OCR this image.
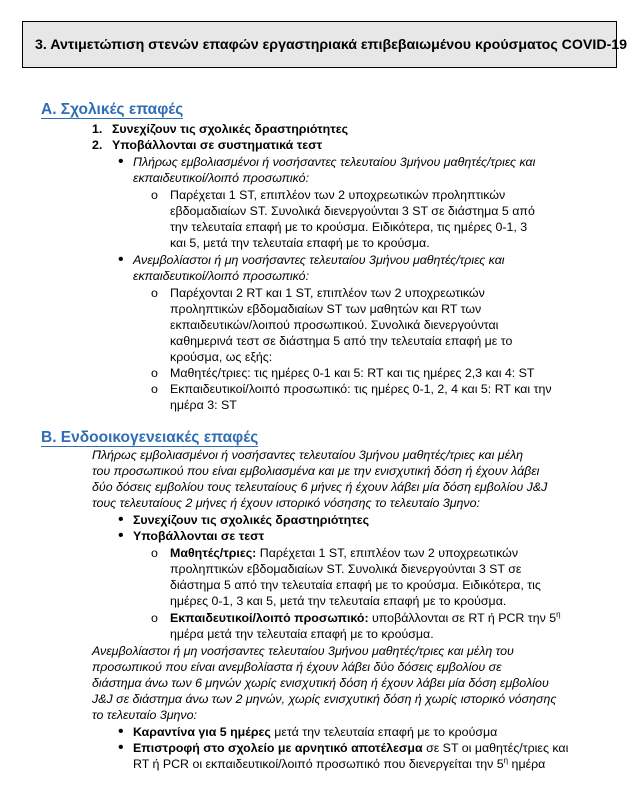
3. Αντιμετώπιση στενών επαφών εργαστηριακά επιβεβαιωμένου κρούσματος COVID-19
Α. Σχολικές επαφές
1. Συνεχίζουν τις σχολικές δραστηριότητες
2. Υποβάλλονται σε συστηματικά τεστ
• Πλήρως εμβολιασμένοι ή νοσήσαντες τελευταίου 3μήνου μαθητές/τριες και
εκπαιδευτικοί/λοιπό προσωπικό:
o Παρέχεται 1 ST, επιπλέον των 2 υποχρεωτικών προληπτικών
εβδομαδιαίων ST. Συνολικά διενεργούνται 3 ST σε διάστημα 5 από
την τελευταία επαφή με το κρούσμα. Ειδικότερα, τις ημέρες 0-1, 3
και 5, μετά την τελευταία επαφή με το κρούσμα.
• Ανεμβολίαστοι ή μη νοσήσαντες τελευταίου 3μήνου μαθητές/τριες και
εκπαιδευτικοί/λοιπό προσωπικό:
o Παρέχονται 2 RT και 1 ST, επιπλέον των 2 υποχρεωτικών
προληπτικών εβδομαδιαίων ST των μαθητών και RT των
εκπαιδευτικών/λοιπού προσωπικού. Συνολικά διενεργούνται
καθημερινά τεστ σε διάστημα 5 από την τελευταία επαφή με το
κρούσμα, ως εξής:
o Μαθητές/τριες: τις ημέρες 0-1 και 5: RT και τις ημέρες 2,3 και 4: ST
o Εκπαιδευτικοί/λοιπό προσωπικό: τις ημέρες 0-1, 2, 4 και 5: RT και την
ημέρα 3: ST
Β. Ενδοοικογενειακές επαφές
Πλήρως εμβολιασμένοι ή νοσήσαντες τελευταίου 3μήνου μαθητές/τριες και μέλη
του προσωπικού που είναι εμβολιασμένα και με την ενισχυτική δόση ή έχουν λάβει
δύο δόσεις εμβολίου τους τελευταίους 6 μήνες ή έχουν λάβει μία δόση εμβολίου J&J
τους τελευταίους 2 μήνες ή έχουν ιστορικό νόσησης το τελευταίο 3μηνο:
• Συνεχίζουν τις σχολικές δραστηριότητες
• Υποβάλλονται σε τεστ
o Μαθητές/τριες: Παρέχεται 1 ST, επιπλέον των 2 υποχρεωτικών
προληπτικών εβδομαδιαίων ST. Συνολικά διενεργούνται 3 ST σε
διάστημα 5 από την τελευταία επαφή με το κρούσμα. Ειδικότερα, τις
ημέρες 0-1, 3 και 5, μετά την τελευταία επαφή με το κρούσμα.
o Εκπαιδευτικοί/λοιπό προσωπικό: υποβάλλονται σε RT ή PCR την $5^\eta$
ημέρα μετά την τελευταία επαφή με το κρούσμα.
Ανεμβολίαστοι ή μη νοσήσαντες τελευταίου 3μήνου μαθητές/τριες και μέλη του
προσωπικού που είναι ανεμβολίαστα ή έχουν λάβει δύο δόσεις εμβολίου σε
διάστημα άνω των 6 μηνών χωρίς ενισχυτική δόση ή έχουν λάβει μία δόση εμβολίου
J&J σε διάστημα άνω των 2 μηνών, χωρίς ενισχυτική δόση ή χωρίς ιστορικό νόσησης
το τελευταίο 3μηνο:
• Καραντίνα για 5 ημέρες μετά την τελευταία επαφή με το κρούσμα
• Επιστροφή στο σχολείο με αρνητικό αποτέλεσμα σε ST οι μαθητές/τριες και
RT ή PCR οι εκπαιδευτικοί/λοιπό προσωπικό που διενεργείται την $5^\eta$ ημέρα
